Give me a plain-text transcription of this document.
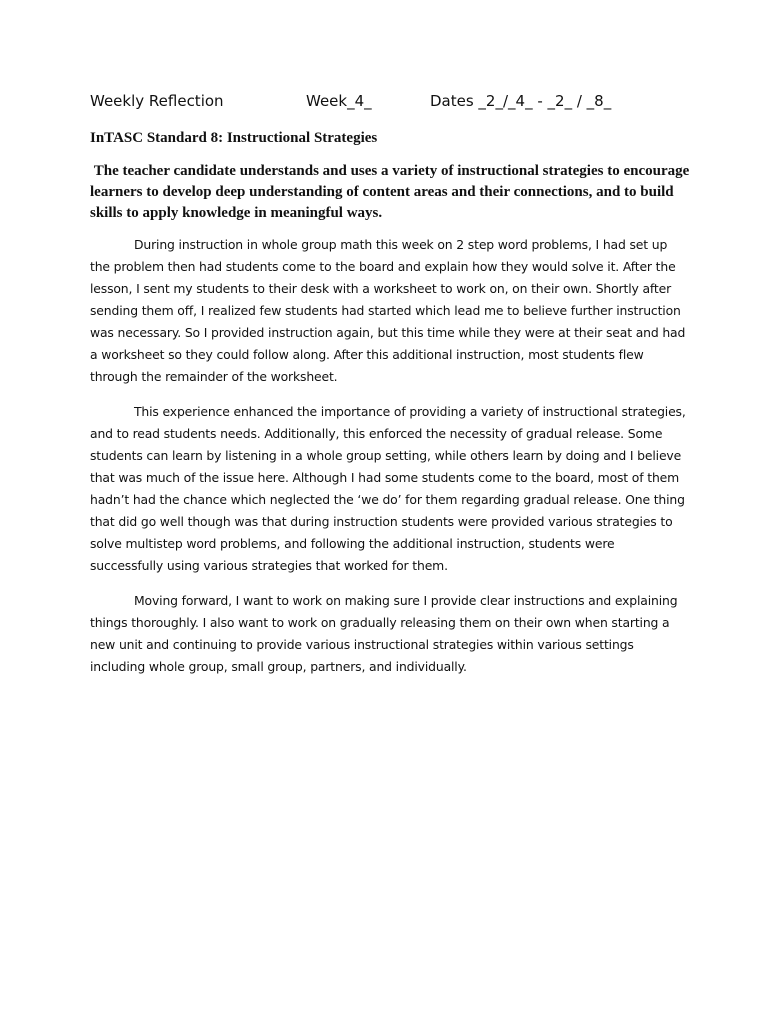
Weekly Reflection	Week_4_	Dates _2_/_4_ - _2_ / _8_
InTASC Standard 8: Instructional Strategies
The teacher candidate understands and uses a variety of instructional strategies to encourage learners to develop deep understanding of content areas and their connections, and to build skills to apply knowledge in meaningful ways.

During instruction in whole group math this week on 2 step word problems, I had set up the problem then had students come to the board and explain how they would solve it. After the lesson, I sent my students to their desk with a worksheet to work on, on their own. Shortly after sending them off, I realized few students had started which lead me to believe further instruction was necessary. So I provided instruction again, but this time while they were at their seat and had a worksheet so they could follow along. After this additional instruction, most students flew through the remainder of the worksheet.

This experience enhanced the importance of providing a variety of instructional strategies, and to read students needs. Additionally, this enforced the necessity of gradual release. Some students can learn by listening in a whole group setting, while others learn by doing and I believe that was much of the issue here. Although I had some students come to the board, most of them hadn’t had the chance which neglected the ‘we do’ for them regarding gradual release. One thing that did go well though was that during instruction students were provided various strategies to solve multistep word problems, and following the additional instruction, students were successfully using various strategies that worked for them.

Moving forward, I want to work on making sure I provide clear instructions and explaining things thoroughly. I also want to work on gradually releasing them on their own when starting a new unit and continuing to provide various instructional strategies within various settings including whole group, small group, partners, and individually.
